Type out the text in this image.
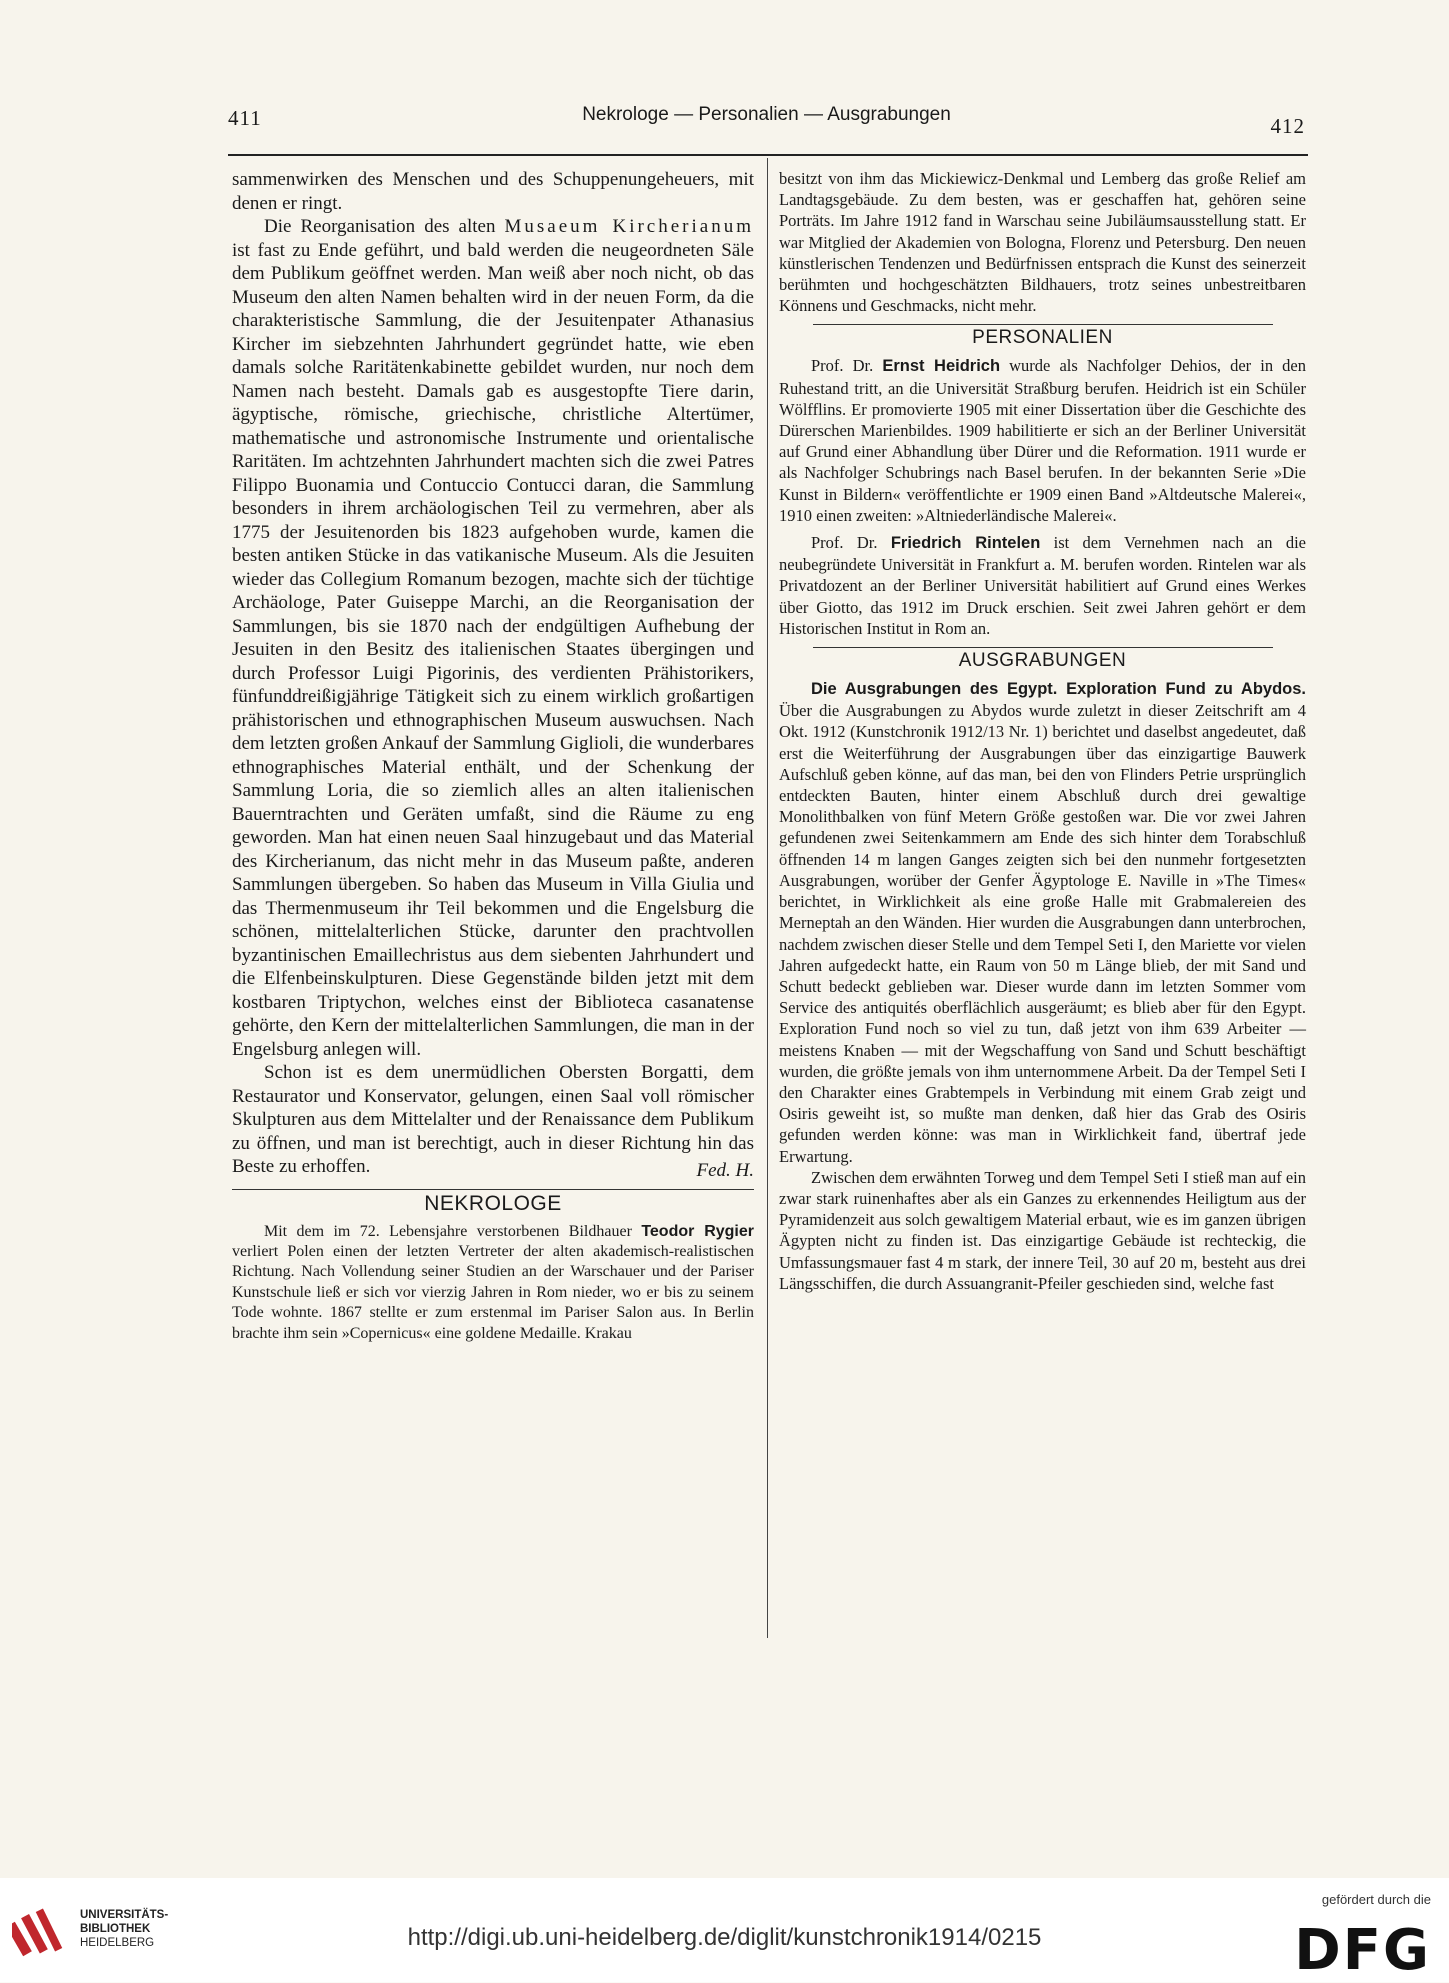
411	Nekrologe — Personalien — Ausgrabungen	412

sammenwirken des Menschen und des Schuppenungeheuers, mit denen er ringt.

Die Reorganisation des alten Musaeum Kircherianum ist fast zu Ende geführt, und bald werden die neugeordneten Säle dem Publikum geöffnet werden. Man weiß aber noch nicht, ob das Museum den alten Namen behalten wird in der neuen Form, da die charakteristische Sammlung, die der Jesuitenpater Athanasius Kircher im siebzehnten Jahrhundert gegründet hatte, wie eben damals solche Raritätenkabinette gebildet wurden, nur noch dem Namen nach besteht. Damals gab es ausgestopfte Tiere darin, ägyptische, römische, griechische, christliche Altertümer, mathematische und astronomische Instrumente und orientalische Raritäten. Im achtzehnten Jahrhundert machten sich die zwei Patres Filippo Buonamia und Contuccio Contucci daran, die Sammlung besonders in ihrem archäologischen Teil zu vermehren, aber als 1775 der Jesuitenorden bis 1823 aufgehoben wurde, kamen die besten antiken Stücke in das vatikanische Museum. Als die Jesuiten wieder das Collegium Romanum bezogen, machte sich der tüchtige Archäologe, Pater Guiseppe Marchi, an die Reorganisation der Sammlungen, bis sie 1870 nach der endgültigen Aufhebung der Jesuiten in den Besitz des italienischen Staates übergingen und durch Professor Luigi Pigorinis, des verdienten Prähistorikers, fünfunddreißigjährige Tätigkeit sich zu einem wirklich großartigen prähistorischen und ethnographischen Museum auswuchsen. Nach dem letzten großen Ankauf der Sammlung Giglioli, die wunderbares ethnographisches Material enthält, und der Schenkung der Sammlung Loria, die so ziemlich alles an alten italienischen Bauerntrachten und Geräten umfaßt, sind die Räume zu eng geworden. Man hat einen neuen Saal hinzugebaut und das Material des Kircherianum, das nicht mehr in das Museum paßte, anderen Sammlungen übergeben. So haben das Museum in Villa Giulia und das Thermenmuseum ihr Teil bekommen und die Engelsburg die schönen, mittelalterlichen Stücke, darunter den prachtvollen byzantinischen Emaillechristus aus dem siebenten Jahrhundert und die Elfenbeinskulpturen. Diese Gegenstände bilden jetzt mit dem kostbaren Triptychon, welches einst der Biblioteca casanatense gehörte, den Kern der mittelalterlichen Sammlungen, die man in der Engelsburg anlegen will.

Schon ist es dem unermüdlichen Obersten Borgatti, dem Restaurator und Konservator, gelungen, einen Saal voll römischer Skulpturen aus dem Mittelalter und der Renaissance dem Publikum zu öffnen, und man ist berechtigt, auch in dieser Richtung hin das Beste zu erhoffen.	Fed. H.

NEKROLOGE

Mit dem im 72. Lebensjahre verstorbenen Bildhauer Teodor Rygier verliert Polen einen der letzten Vertreter der alten akademisch-realistischen Richtung. Nach Vollendung seiner Studien an der Warschauer und der Pariser Kunstschule ließ er sich vor vierzig Jahren in Rom nieder, wo er bis zu seinem Tode wohnte. 1867 stellte er zum erstenmal im Pariser Salon aus. In Berlin brachte ihm sein »Copernicus« eine goldene Medaille. Krakau

besitzt von ihm das Mickiewicz-Denkmal und Lemberg das große Relief am Landtagsgebäude. Zu dem besten, was er geschaffen hat, gehören seine Porträts. Im Jahre 1912 fand in Warschau seine Jubiläumsausstellung statt. Er war Mitglied der Akademien von Bologna, Florenz und Petersburg. Den neuen künstlerischen Tendenzen und Bedürfnissen entsprach die Kunst des seinerzeit berühmten und hochgeschätzten Bildhauers, trotz seines unbestreitbaren Könnens und Geschmacks, nicht mehr.

PERSONALIEN

Prof. Dr. Ernst Heidrich wurde als Nachfolger Dehios, der in den Ruhestand tritt, an die Universität Straßburg berufen. Heidrich ist ein Schüler Wölfflins. Er promovierte 1905 mit einer Dissertation über die Geschichte des Dürerschen Marienbildes. 1909 habilitierte er sich an der Berliner Universität auf Grund einer Abhandlung über Dürer und die Reformation. 1911 wurde er als Nachfolger Schubrings nach Basel berufen. In der bekannten Serie »Die Kunst in Bildern« veröffentlichte er 1909 einen Band »Altdeutsche Malerei«, 1910 einen zweiten: »Altniederländische Malerei«.

Prof. Dr. Friedrich Rintelen ist dem Vernehmen nach an die neubegründete Universität in Frankfurt a. M. berufen worden. Rintelen war als Privatdozent an der Berliner Universität habilitiert auf Grund eines Werkes über Giotto, das 1912 im Druck erschien. Seit zwei Jahren gehört er dem Historischen Institut in Rom an.

AUSGRABUNGEN

Die Ausgrabungen des Egypt. Exploration Fund zu Abydos. Über die Ausgrabungen zu Abydos wurde zuletzt in dieser Zeitschrift am 4 Okt. 1912 (Kunstchronik 1912/13 Nr. 1) berichtet und daselbst angedeutet, daß erst die Weiterführung der Ausgrabungen über das einzigartige Bauwerk Aufschluß geben könne, auf das man, bei den von Flinders Petrie ursprünglich entdeckten Bauten, hinter einem Abschluß durch drei gewaltige Monolithbalken von fünf Metern Größe gestoßen war. Die vor zwei Jahren gefundenen zwei Seitenkammern am Ende des sich hinter dem Torabschluß öffnenden 14 m langen Ganges zeigten sich bei den nunmehr fortgesetzten Ausgrabungen, worüber der Genfer Ägyptologe E. Naville in »The Times« berichtet, in Wirklichkeit als eine große Halle mit Grabmalereien des Merneptah an den Wänden. Hier wurden die Ausgrabungen dann unterbrochen, nachdem zwischen dieser Stelle und dem Tempel Seti I, den Mariette vor vielen Jahren aufgedeckt hatte, ein Raum von 50 m Länge blieb, der mit Sand und Schutt bedeckt geblieben war. Dieser wurde dann im letzten Sommer vom Service des antiquités oberflächlich ausgeräumt; es blieb aber für den Egypt. Exploration Fund noch so viel zu tun, daß jetzt von ihm 639 Arbeiter — meistens Knaben — mit der Wegschaffung von Sand und Schutt beschäftigt wurden, die größte jemals von ihm unternommene Arbeit. Da der Tempel Seti I den Charakter eines Grabtempels in Verbindung mit einem Grab zeigt und Osiris geweiht ist, so mußte man denken, daß hier das Grab des Osiris gefunden werden könne: was man in Wirklichkeit fand, übertraf jede Erwartung.

Zwischen dem erwähnten Torweg und dem Tempel Seti I stieß man auf ein zwar stark ruinenhaftes aber als ein Ganzes zu erkennendes Heiligtum aus der Pyramidenzeit aus solch gewaltigem Material erbaut, wie es im ganzen übrigen Ägypten nicht zu finden ist. Das einzigartige Gebäude ist rechteckig, die Umfassungsmauer fast 4 m stark, der innere Teil, 30 auf 20 m, besteht aus drei Längsschiffen, die durch Assuangranit-Pfeiler geschieden sind, welche fast

UNIVERSITÄTS-
BIBLIOTHEK
HEIDELBERG	http://digi.ub.uni-heidelberg.de/diglit/kunstchronik1914/0215
gefördert durch die
DFG
